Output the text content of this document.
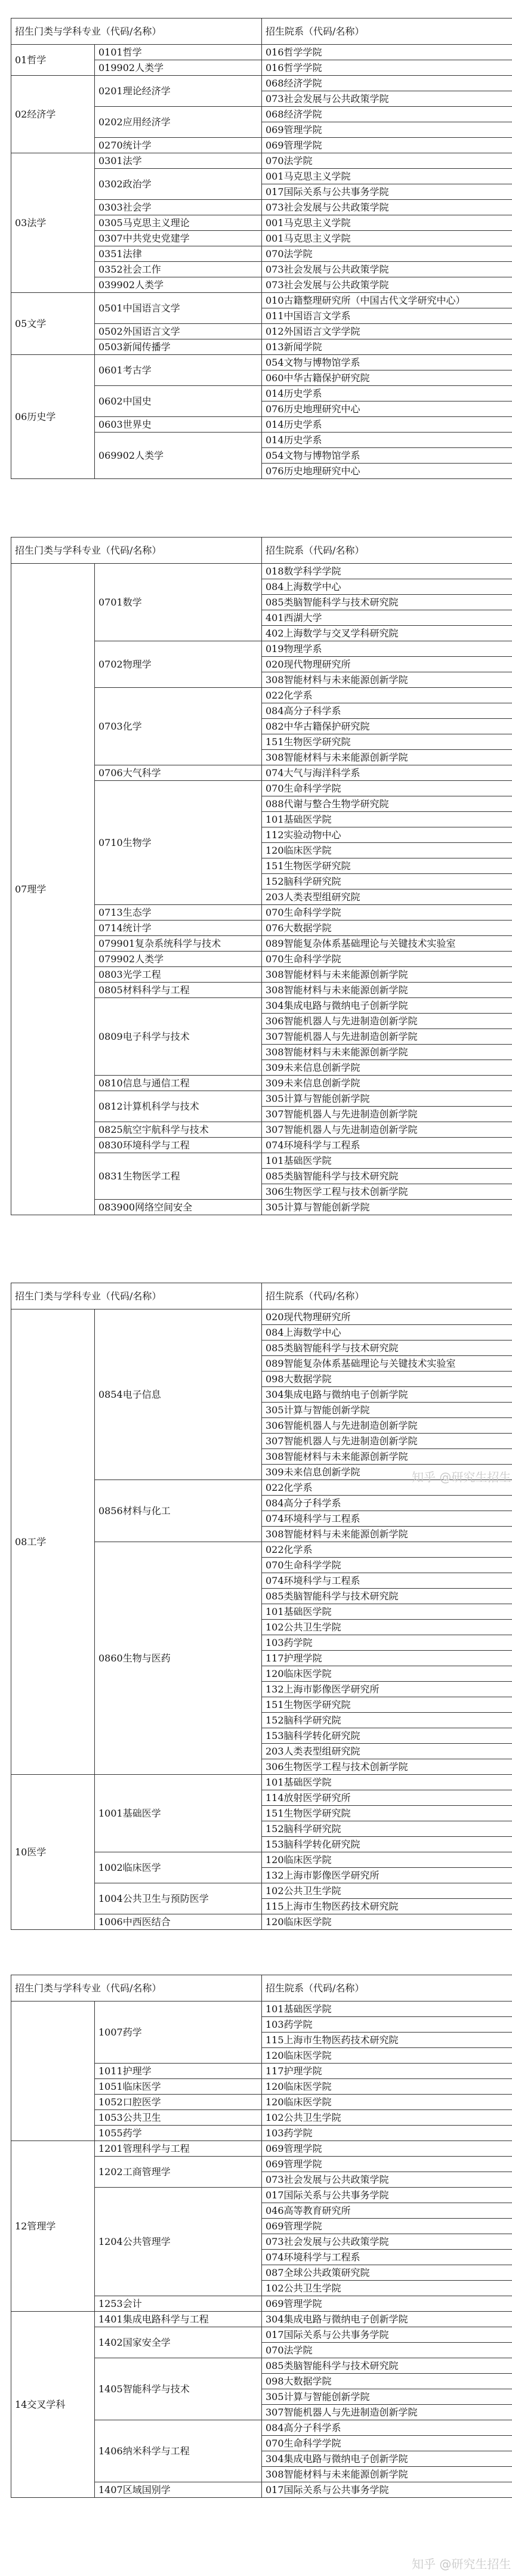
招生门类与学科专业（代码/名称）		招生院系（代码/名称）
01哲学	0101哲学	016哲学学院
	019902人类学	016哲学学院
02经济学	0201理论经济学	068经济学院
		073社会发展与公共政策学院
	0202应用经济学	068经济学院
		069管理学院
	0270统计学	069管理学院
03法学	0301法学	070法学院
	0302政治学	001马克思主义学院
		017国际关系与公共事务学院
	0303社会学	073社会发展与公共政策学院
	0305马克思主义理论	001马克思主义学院
	0307中共党史党建学	001马克思主义学院
	0351法律	070法学院
	0352社会工作	073社会发展与公共政策学院
	039902人类学	073社会发展与公共政策学院
05文学	0501中国语言文学	010古籍整理研究所（中国古代文学研究中心）
		011中国语言文学系
	0502外国语言文学	012外国语言文学学院
	0503新闻传播学	013新闻学院
06历史学	0601考古学	054文物与博物馆学系
		060中华古籍保护研究院
	0602中国史	014历史学系
		076历史地理研究中心
	0603世界史	014历史学系
	069902人类学	014历史学系
		054文物与博物馆学系
		076历史地理研究中心
招生门类与学科专业（代码/名称）		招生院系（代码/名称）
07理学	0701数学	018数学科学学院
		084上海数学中心
		085类脑智能科学与技术研究院
		401西湖大学
		402上海数学与交叉学科研究院
	0702物理学	019物理学系
		020现代物理研究所
		308智能材料与未来能源创新学院
	0703化学	022化学系
		084高分子科学系
		082中华古籍保护研究院
		151生物医学研究院
		308智能材料与未来能源创新学院
	0706大气科学	074大气与海洋科学系
	0710生物学	070生命科学学院
		088代谢与整合生物学研究院
		101基础医学院
		112实验动物中心
		120临床医学院
		151生物医学研究院
		152脑科学研究院
		203人类表型组研究院
	0713生态学	070生命科学学院
	0714统计学	076大数据学院
	079901复杂系统科学与技术	089智能复杂体系基础理论与关键技术实验室
	079902人类学	070生命科学学院
	0803光学工程	308智能材料与未来能源创新学院
	0805材料科学与工程	308智能材料与未来能源创新学院
	0809电子科学与技术	304集成电路与微纳电子创新学院
		306智能机器人与先进制造创新学院
		307智能机器人与先进制造创新学院
		308智能材料与未来能源创新学院
		309未来信息创新学院
	0810信息与通信工程	309未来信息创新学院
	0812计算机科学与技术	305计算与智能创新学院
		307智能机器人与先进制造创新学院
	0825航空宇航科学与技术	307智能机器人与先进制造创新学院
	0830环境科学与工程	074环境科学与工程系
	0831生物医学工程	101基础医学院
		085类脑智能科学与技术研究院
		306生物医学工程与技术创新学院
	083900网络空间安全	305计算与智能创新学院
招生门类与学科专业（代码/名称）		招生院系（代码/名称）
08工学	0854电子信息	020现代物理研究所
		084上海数学中心
		085类脑智能科学与技术研究院
		089智能复杂体系基础理论与关键技术实验室
		098大数据学院
		304集成电路与微纳电子创新学院
		305计算与智能创新学院
		306智能机器人与先进制造创新学院
		307智能机器人与先进制造创新学院
		308智能材料与未来能源创新学院
		309未来信息创新学院
	0856材料与化工	022化学系
		084高分子科学系
		074环境科学与工程系
		308智能材料与未来能源创新学院
	0860生物与医药	022化学系
		070生命科学学院
		074环境科学与工程系
		085类脑智能科学与技术研究院
		101基础医学院
		102公共卫生学院
		103药学院
		117护理学院
		120临床医学院
		132上海市影像医学研究所
		151生物医学研究院
		152脑科学研究院
		153脑科学转化研究院
		203人类表型组研究院
		306生物医学工程与技术创新学院
10医学	1001基础医学	101基础医学院
		114放射医学研究所
		151生物医学研究院
		152脑科学研究院
		153脑科学转化研究院
	1002临床医学	120临床医学院
		132上海市影像医学研究所
	1004公共卫生与预防医学	102公共卫生学院
		115上海市生物医药技术研究院
	1006中西医结合	120临床医学院
招生门类与学科专业（代码/名称）		招生院系（代码/名称）
	1007药学	101基础医学院
		103药学院
		115上海市生物医药技术研究院
		120临床医学院
	1011护理学	117护理学院
	1051临床医学	120临床医学院
	1052口腔医学	120临床医学院
	1053公共卫生	102公共卫生学院
	1055药学	103药学院
12管理学	1201管理科学与工程	069管理学院
	1202工商管理学	069管理学院
		073社会发展与公共政策学院
	1204公共管理学	017国际关系与公共事务学院
		046高等教育研究所
		069管理学院
		073社会发展与公共政策学院
		074环境科学与工程系
		087全球公共政策研究院
		102公共卫生学院
	1253会计	069管理学院
14交叉学科	1401集成电路科学与工程	304集成电路与微纳电子创新学院
	1402国家安全学	017国际关系与公共事务学院
		070法学院
	1405智能科学与技术	085类脑智能科学与技术研究院
		098大数据学院
		305计算与智能创新学院
		307智能机器人与先进制造创新学院
	1406纳米科学与工程	084高分子科学系
		070生命科学学院
		304集成电路与微纳电子创新学院
		308智能材料与未来能源创新学院
	1407区域国别学	017国际关系与公共事务学院
知乎 @研究生招生
知乎 @研究生招生
